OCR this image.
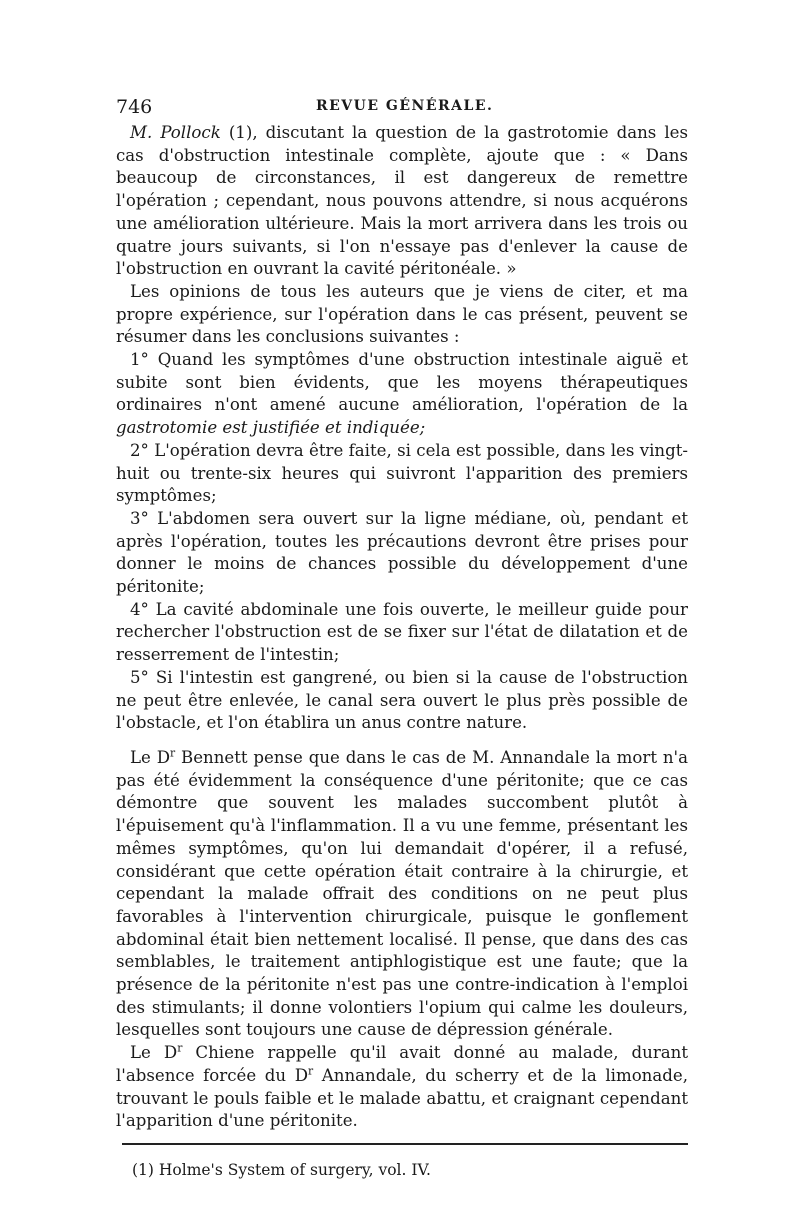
746	REVUE GÉNÉRALE.

M. Pollock (1), discutant la question de la gastrotomie dans les cas d'obstruction intestinale complète, ajoute que : « Dans beaucoup de circonstances, il est dangereux de remettre l'opération ; cependant, nous pouvons attendre, si nous acquérons une amélioration ultérieure. Mais la mort arrivera dans les trois ou quatre jours suivants, si l'on n'essaye pas d'enlever la cause de l'obstruction en ouvrant la cavité péritonéale. »

Les opinions de tous les auteurs que je viens de citer, et ma propre expérience, sur l'opération dans le cas présent, peuvent se résumer dans les conclusions suivantes :

1° Quand les symptômes d'une obstruction intestinale aiguë et subite sont bien évidents, que les moyens thérapeutiques ordinaires n'ont amené aucune amélioration, l'opération de la gastrotomie est justifiée et indiquée;

2° L'opération devra être faite, si cela est possible, dans les vingt-huit ou trente-six heures qui suivront l'apparition des premiers symptômes;

3° L'abdomen sera ouvert sur la ligne médiane, où, pendant et après l'opération, toutes les précautions devront être prises pour donner le moins de chances possible du développement d'une péritonite;

4° La cavité abdominale une fois ouverte, le meilleur guide pour rechercher l'obstruction est de se fixer sur l'état de dilatation et de resserrement de l'intestin;

5° Si l'intestin est gangrené, ou bien si la cause de l'obstruction ne peut être enlevée, le canal sera ouvert le plus près possible de l'obstacle, et l'on établira un anus contre nature.

Le $D^r$ Bennett pense que dans le cas de M. Annandale la mort n'a pas été évidemment la conséquence d'une péritonite; que ce cas démontre que souvent les malades succombent plutôt à l'épuisement qu'à l'inflammation. Il a vu une femme, présentant les mêmes symptômes, qu'on lui demandait d'opérer, il a refusé, considérant que cette opération était contraire à la chirurgie, et cependant la malade offrait des conditions on ne peut plus favorables à l'intervention chirurgicale, puisque le gonflement abdominal était bien nettement localisé. Il pense, que dans des cas semblables, le traitement antiphlogistique est une faute; que la présence de la péritonite n'est pas une contre-indication à l'emploi des stimulants; il donne volontiers l'opium qui calme les douleurs, lesquelles sont toujours une cause de dépression générale.

Le $D^r$ Chiene rappelle qu'il avait donné au malade, durant l'absence forcée du $D^r$ Annandale, du scherry et de la limonade, trouvant le pouls faible et le malade abattu, et craignant cependant l'apparition d'une péritonite.

(1) Holme's System of surgery, vol. IV.
